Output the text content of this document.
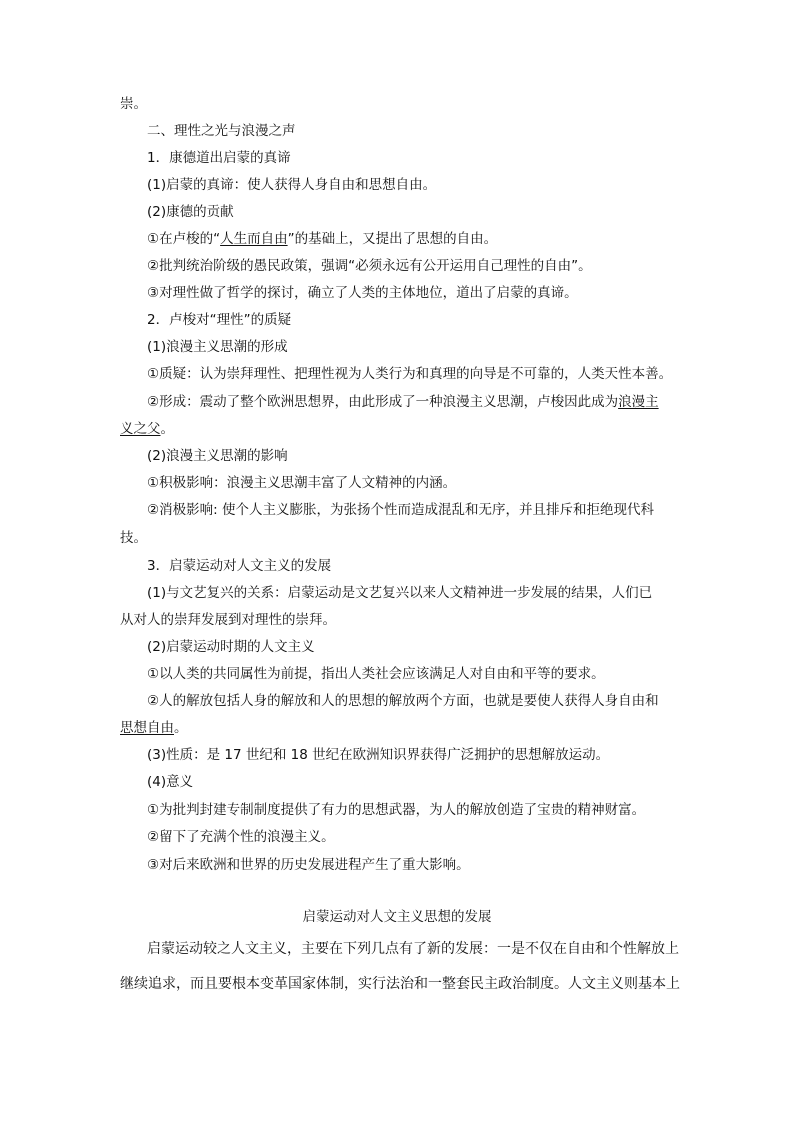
崇。
二、理性之光与浪漫之声
1．康德道出启蒙的真谛
(1)启蒙的真谛：使人获得人身自由和思想自由。
(2)康德的贡献
①在卢梭的“人生而自由”的基础上，又提出了思想的自由。
②批判统治阶级的愚民政策，强调“必须永远有公开运用自己理性的自由”。
③对理性做了哲学的探讨，确立了人类的主体地位，道出了启蒙的真谛。
2．卢梭对“理性”的质疑
(1)浪漫主义思潮的形成
①质疑：认为崇拜理性、把理性视为人类行为和真理的向导是不可靠的，人类天性本善。
②形成：震动了整个欧洲思想界，由此形成了一种浪漫主义思潮，卢梭因此成为浪漫主
义之父。
(2)浪漫主义思潮的影响
①积极影响：浪漫主义思潮丰富了人文精神的内涵。
②消极影响: 使个人主义膨胀，为张扬个性而造成混乱和无序，并且排斥和拒绝现代科
技。
3．启蒙运动对人文主义的发展
(1)与文艺复兴的关系：启蒙运动是文艺复兴以来人文精神进一步发展的结果，人们已
从对人的崇拜发展到对理性的崇拜。
(2)启蒙运动时期的人文主义
①以人类的共同属性为前提，指出人类社会应该满足人对自由和平等的要求。
②人的解放包括人身的解放和人的思想的解放两个方面，也就是要使人获得人身自由和
思想自由。
(3)性质：是 17 世纪和 18 世纪在欧洲知识界获得广泛拥护的思想解放运动。
(4)意义
①为批判封建专制制度提供了有力的思想武器，为人的解放创造了宝贵的精神财富。
②留下了充满个性的浪漫主义。
③对后来欧洲和世界的历史发展进程产生了重大影响。
启蒙运动对人文主义思想的发展
启蒙运动较之人文主义，主要在下列几点有了新的发展：一是不仅在自由和个性解放上
继续追求，而且要根本变革国家体制，实行法治和一整套民主政治制度。人文主义则基本上
